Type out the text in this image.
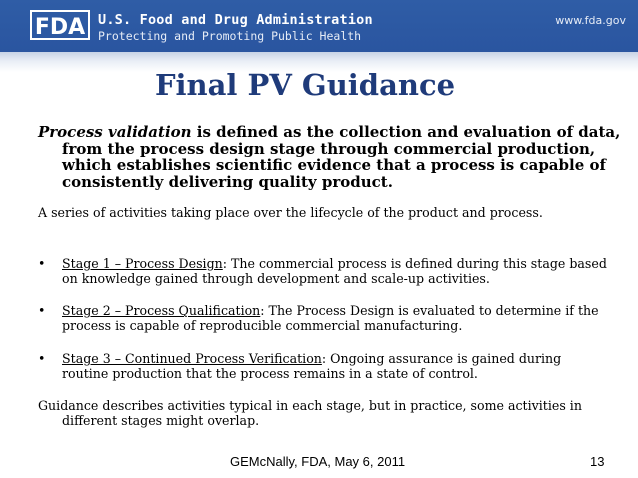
FDA U.S. Food and Drug Administration
Protecting and Promoting Public Health
www.fda.gov
Final PV Guidance
Process validation is defined as the collection and evaluation of data, from the process design stage through commercial production, which establishes scientific evidence that a process is capable of consistently delivering quality product.
A series of activities taking place over the lifecycle of the product and process.
• Stage 1 – Process Design: The commercial process is defined during this stage based on knowledge gained through development and scale-up activities.
• Stage 2 – Process Qualification: The Process Design is evaluated to determine if the process is capable of reproducible commercial manufacturing.
• Stage 3 – Continued Process Verification: Ongoing assurance is gained during routine production that the process remains in a state of control.
Guidance describes activities typical in each stage, but in practice, some activities in different stages might overlap.
GEMcNally, FDA, May 6, 2011	13
